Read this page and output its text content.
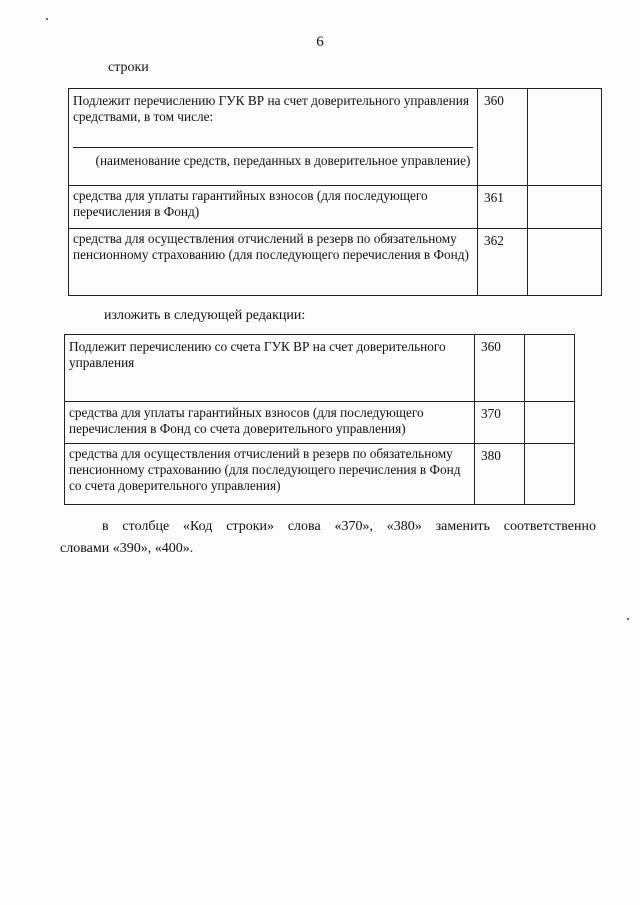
6
строки
Подлежит перечислению ГУК ВР на счет доверительного управления средствами, в том числе:
(наименование средств, переданных в доверительное управление)	360	
средства для уплаты гарантийных взносов (для последующего перечисления в Фонд)	361	
средства для осуществления отчислений в резерв по обязательному пенсионному страхованию (для последующего перечисления в Фонд)	362	
изложить в следующей редакции:
Подлежит перечислению со счета ГУК ВР на счет доверительного управления	360	
средства для уплаты гарантийных взносов (для последующего перечисления в Фонд со счета доверительного управления)	370	
средства для осуществления отчислений в резерв по обязательному пенсионному страхованию (для последующего перечисления в Фонд со счета доверительного управления)	380	
в столбце «Код строки» слова «370», «380» заменить соответственно
словами «390», «400».
